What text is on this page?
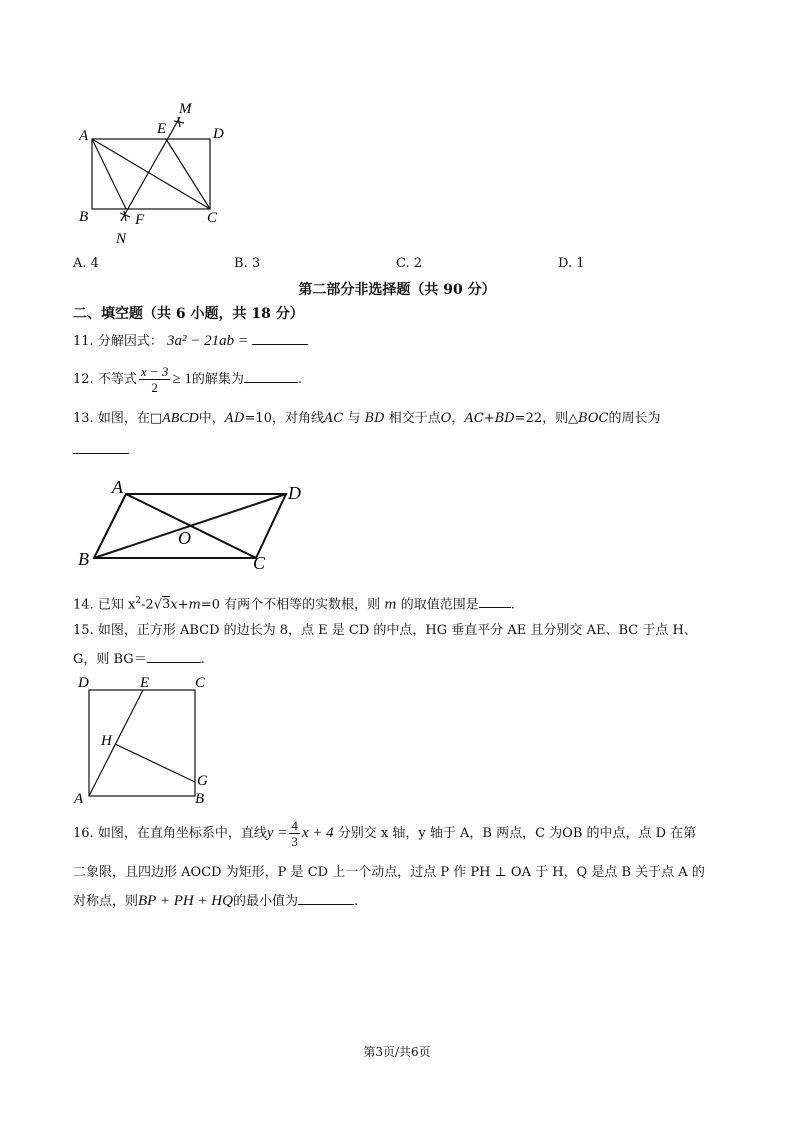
A
B	C
D
E
F
M
N
A. 4	B. 3	C. 2	D. 1
第二部分非选择题（共 90 分）
二、填空题（共 6 小题，共 18 分）
11. 分解因式： 3a² − 21ab =
12. 不等式 $\frac{x - 3}{2} \ge 1$的解集为	.
13. 如图，在□ABCD中，AD=10，对角线AC 与 BD 相交于点O，AC+BD=22，则△BOC的周长为
A	D
B	C
O
14. 已知 $x^2-2√3x+m=0$ 有两个不相等的实数根，则 m 的取值范围是 .
15. 如图，正方形 ABCD 的边长为 8，点 E 是 CD 的中点，HG 垂直平分 AE 且分别交 AE、BC 于点 H、
G，则 BG＝	.
D	E	C
H
G
A	B
16. 如图，在直角坐标系中，直线$y = \frac{4}{3}$ x + 4 分别交 x 轴，y 轴于 A，B 两点，C 为OB 的中点，点 D 在第
二象限，且四边形 AOCD 为矩形，P 是 CD 上一个动点，过点 P 作 PH ⊥ OA 于 H，Q 是点 B 关于点 A 的
对称点，则BP + PH + HQ的最小值为	.
第3页/共6页
